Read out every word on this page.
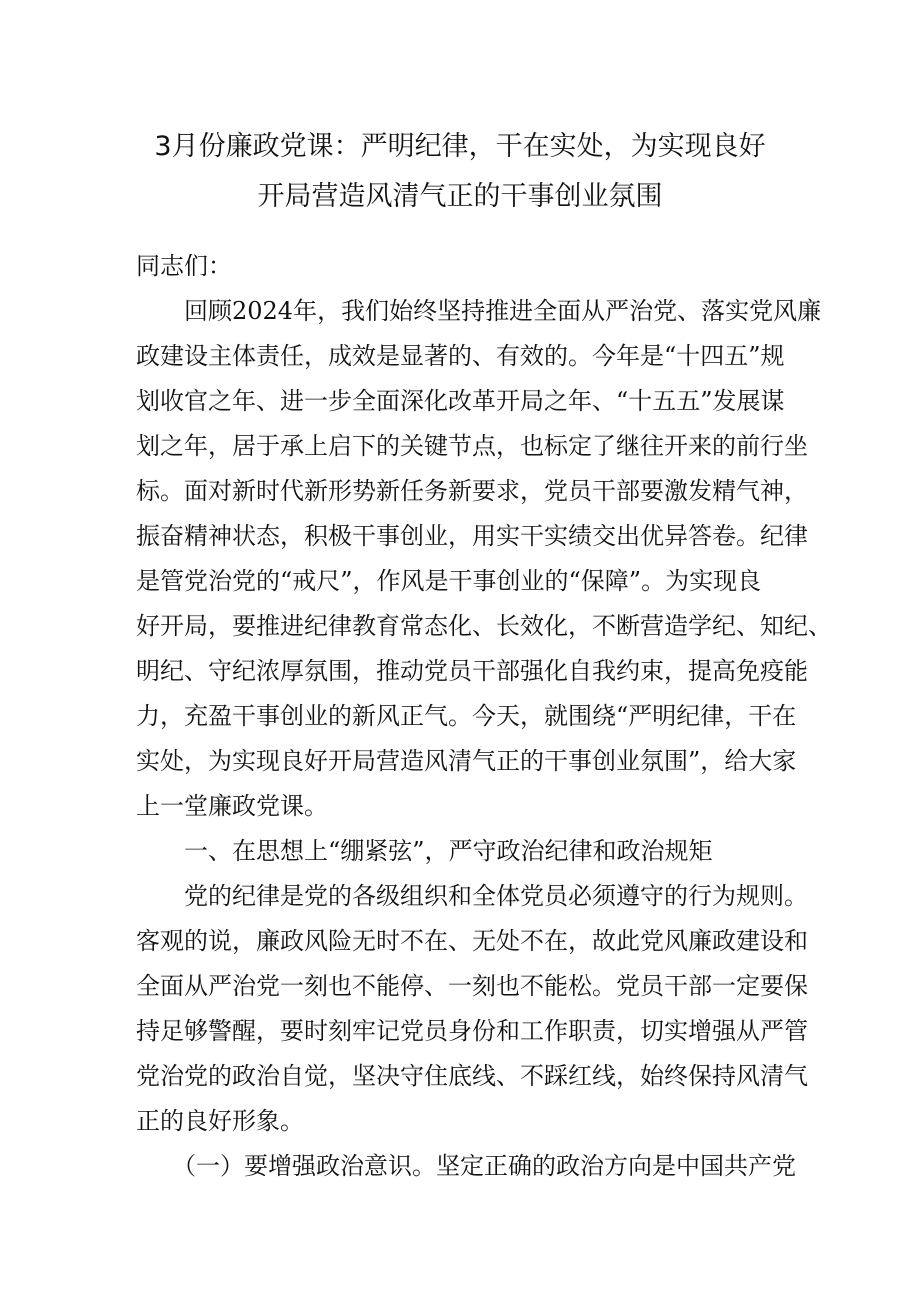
3月份廉政党课：严明纪律，干在实处，为实现良好
开局营造风清气正的干事创业氛围
同志们：
　　回顾2024年，我们始终坚持推进全面从严治党、落实党风廉
政建设主体责任，成效是显著的、有效的。今年是“十四五”规
划收官之年、进一步全面深化改革开局之年、“十五五”发展谋
划之年，居于承上启下的关键节点，也标定了继往开来的前行坐
标。面对新时代新形势新任务新要求，党员干部要激发精气神，
振奋精神状态，积极干事创业，用实干实绩交出优异答卷。纪律
是管党治党的“戒尺”，作风是干事创业的“保障”。为实现良
好开局，要推进纪律教育常态化、长效化，不断营造学纪、知纪、
明纪、守纪浓厚氛围，推动党员干部强化自我约束，提高免疫能
力，充盈干事创业的新风正气。今天，就围绕“严明纪律，干在
实处，为实现良好开局营造风清气正的干事创业氛围”，给大家
上一堂廉政党课。
　　一、在思想上“绷紧弦”，严守政治纪律和政治规矩
　　党的纪律是党的各级组织和全体党员必须遵守的行为规则。
客观的说，廉政风险无时不在、无处不在，故此党风廉政建设和
全面从严治党一刻也不能停、一刻也不能松。党员干部一定要保
持足够警醒，要时刻牢记党员身份和工作职责，切实增强从严管
党治党的政治自觉，坚决守住底线、不踩红线，始终保持风清气
正的良好形象。
　　（一）要增强政治意识。坚定正确的政治方向是中国共产党
